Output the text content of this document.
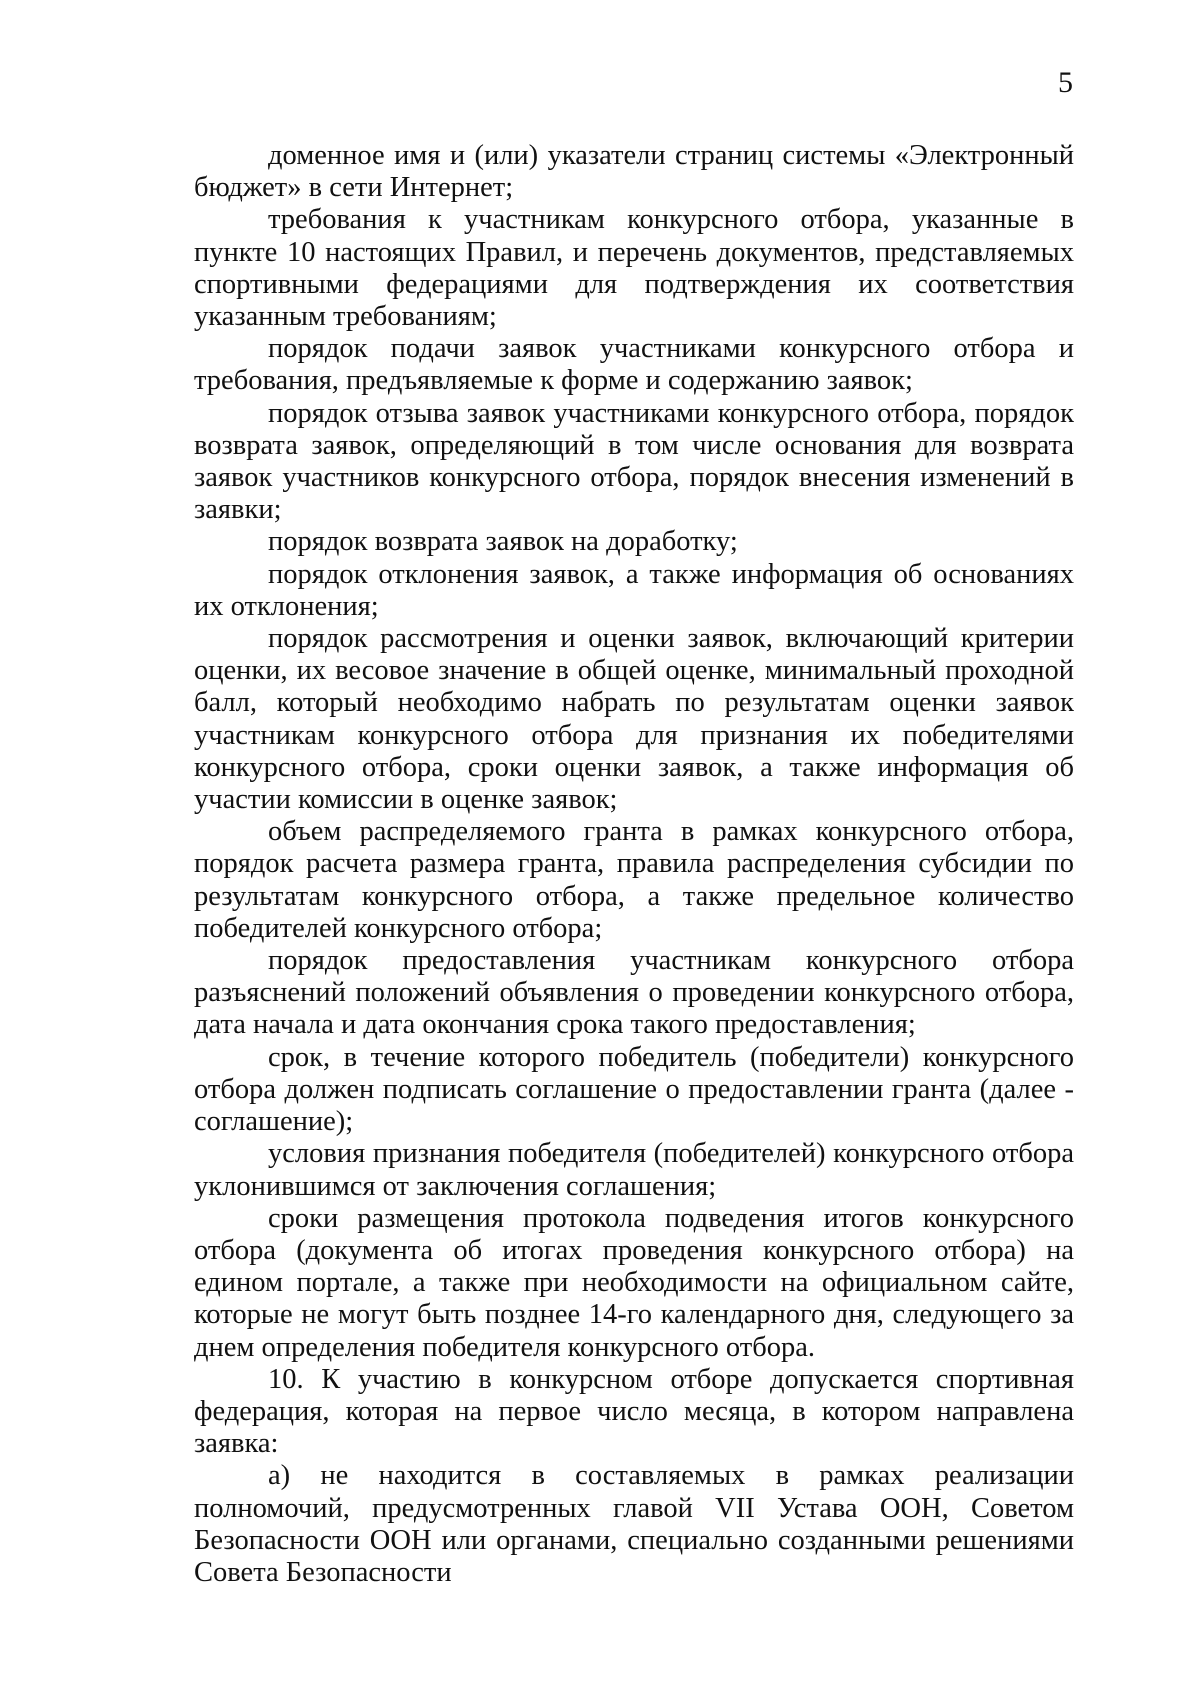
5

доменное имя и (или) указатели страниц системы «Электронный бюджет» в сети Интернет;

требования к участникам конкурсного отбора, указанные в пункте 10 настоящих Правил, и перечень документов, представляемых спортивными федерациями для подтверждения их соответствия указанным требованиям;

порядок подачи заявок участниками конкурсного отбора и требования, предъявляемые к форме и содержанию заявок;

порядок отзыва заявок участниками конкурсного отбора, порядок возврата заявок, определяющий в том числе основания для возврата заявок участников конкурсного отбора, порядок внесения изменений в заявки;

порядок возврата заявок на доработку;

порядок отклонения заявок, а также информация об основаниях их отклонения;

порядок рассмотрения и оценки заявок, включающий критерии оценки, их весовое значение в общей оценке, минимальный проходной балл, который необходимо набрать по результатам оценки заявок участникам конкурсного отбора для признания их победителями конкурсного отбора, сроки оценки заявок, а также информация об участии комиссии в оценке заявок;

объем распределяемого гранта в рамках конкурсного отбора, порядок расчета размера гранта, правила распределения субсидии по результатам конкурсного отбора, а также предельное количество победителей конкурсного отбора;

порядок предоставления участникам конкурсного отбора разъяснений положений объявления о проведении конкурсного отбора, дата начала и дата окончания срока такого предоставления;

срок, в течение которого победитель (победители) конкурсного отбора должен подписать соглашение о предоставлении гранта (далее - соглашение);

условия признания победителя (победителей) конкурсного отбора уклонившимся от заключения соглашения;

сроки размещения протокола подведения итогов конкурсного отбора (документа об итогах проведения конкурсного отбора) на едином портале, а также при необходимости на официальном сайте, которые не могут быть позднее 14-го календарного дня, следующего за днем определения победителя конкурсного отбора.

10. К участию в конкурсном отборе допускается спортивная федерация, которая на первое число месяца, в котором направлена заявка:

а) не находится в составляемых в рамках реализации полномочий, предусмотренных главой VII Устава ООН, Советом Безопасности ООН или органами, специально созданными решениями Совета Безопасности
